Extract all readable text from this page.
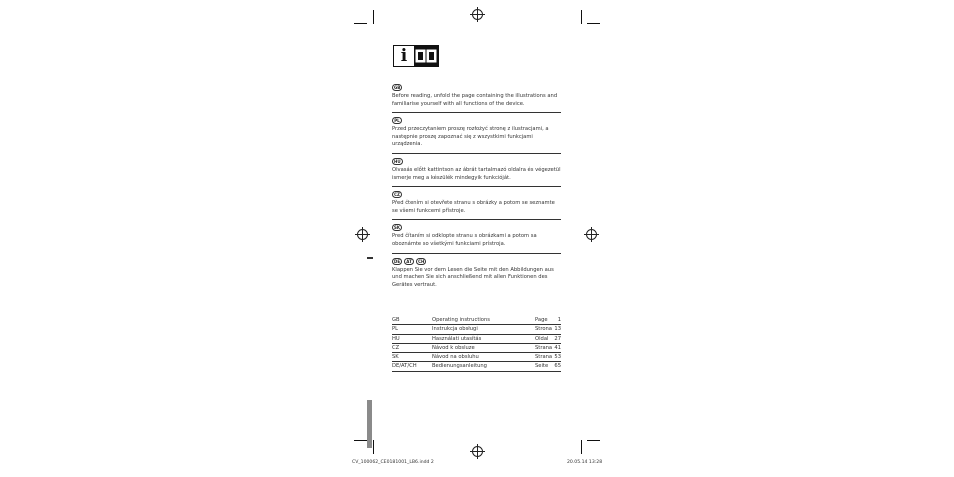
i
GB

Before reading, unfold the page containing the illustrations and familiarise yourself with all functions of the device.

PL

Przed przeczytaniem proszę rozłożyć stronę z ilustracjami, a następnie proszę zapoznać się z wszystkimi funkcjami urządzenia.

HU

Olvasás előtt kattintson az ábrát tartalmazó oldalra és végezetül ismerje meg a készülék mindegyik funkcióját.

CZ

Před čtením si otevřete stranu s obrázky a potom se seznamte se všemi funkcemi přístroje.

SK

Pred čítaním si odklopte stranu s obrázkami a potom sa oboznámte so všetkými funkciami prístroja.

DE	AT	CH

Klappen Sie vor dem Lesen die Seite mit den Abbildungen aus und machen Sie sich anschließend mit allen Funktionen des Gerätes vertraut.

GB	Operating instructions	Page	1
PL	Instrukcja obsługi	Strona 13
HU	Használati utasítás	Oldal	27
CZ	Návod k obsluze	Strana 41
SK	Návod na obsluhu	Strana 53
DE/AT/CH	Bedienungsanleitung	Seite	65
CV_100062_CE0181001_LB6.indd 2	20.05.14 13:28
